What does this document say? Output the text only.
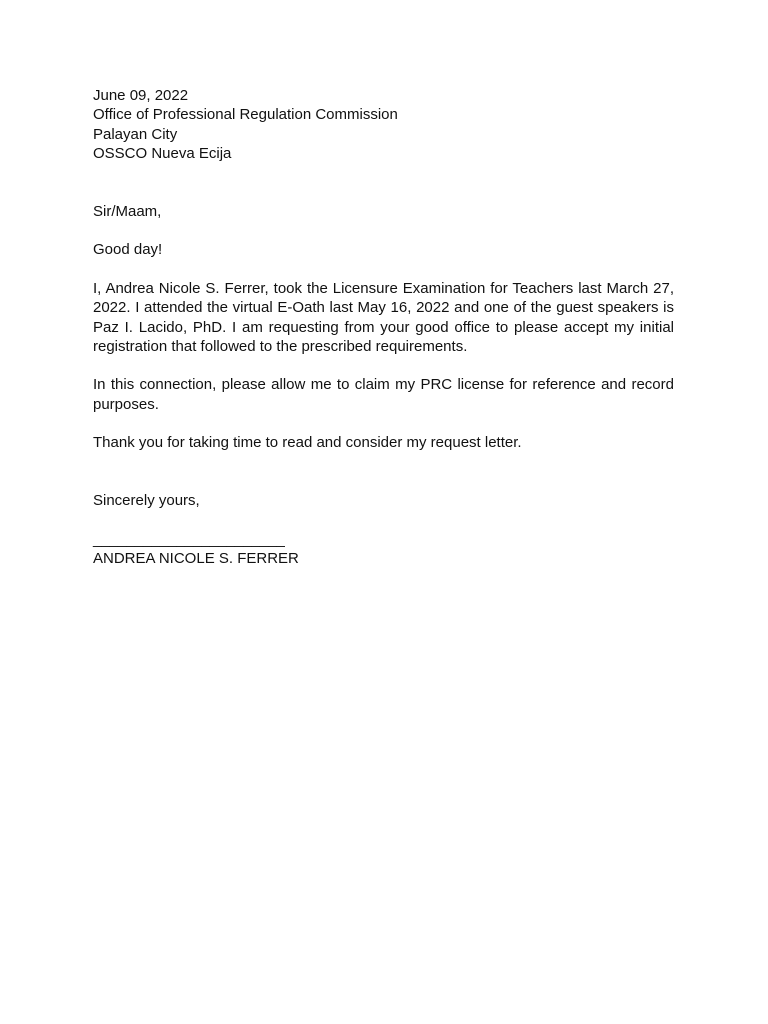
June 09, 2022
Office of Professional Regulation Commission
Palayan City
OSSCO Nueva Ecija
Sir/Maam,
Good day!

I, Andrea Nicole S. Ferrer, took the Licensure Examination for Teachers last March 27, 2022. I attended the virtual E-Oath last May 16, 2022 and one of the guest speakers is Paz I. Lacido, PhD. I am requesting from your good office to please accept my initial registration that followed to the prescribed requirements.

In this connection, please allow me to claim my PRC license for reference and record purposes.

Thank you for taking time to read and consider my request letter.

Sincerely yours,
_______________________
ANDREA NICOLE S. FERRER
